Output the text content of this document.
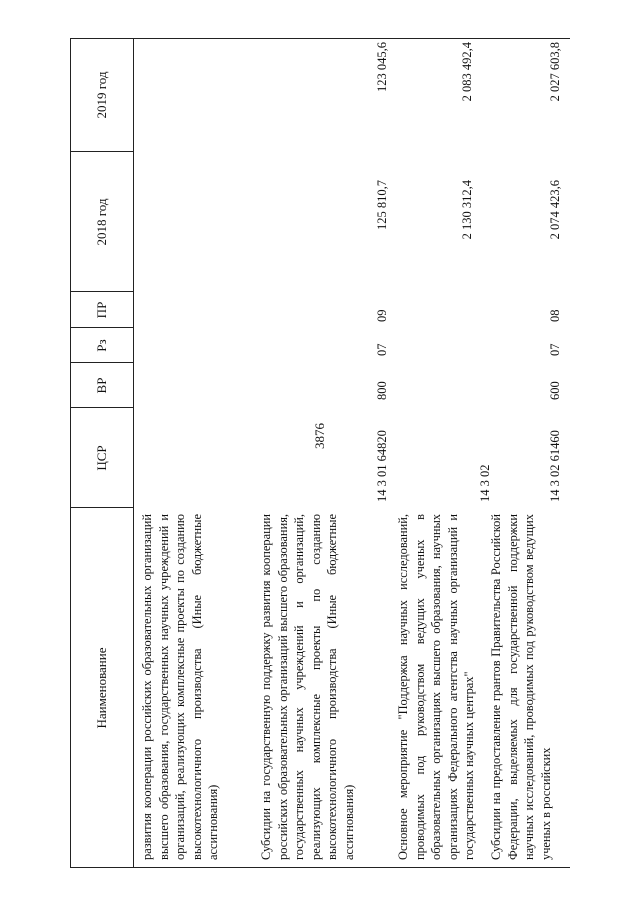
3876
Наименование
ЦСР
ВР
Рз
ПР
2018 год
2019 год
развития кооперации российских образовательных организаций высшего образования, государственных научных учреждений и организаций, реализующих комплексные проекты по созданию высокотехнологичного производства (Иные бюджетные ассигнования)	Субсидии на государственную поддержку развития кооперации российских образовательных организаций высшего образования, государственных научных учреждений и организаций, реализующих комплексные проекты по созданию высокотехнологичного производства (Иные бюджетные ассигнования)
14 3 01 64820
800
07
09
125 810,7
123 045,6
Основное мероприятие "Поддержка научных исследований, проводимых под руководством ведущих ученых в образовательных организациях высшего образования, научных организациях Федерального агентства научных организаций и государственных научных центрах"
14 3 02
2 130 312,4
2 083 492,4
Субсидии на предоставление грантов Правительства Российской Федерации, выделяемых для государственной поддержки научных исследований, проводимых под руководством ведущих ученых в российских
14 3 02 61460
600
07
08
2 074 423,6
2 027 603,8
